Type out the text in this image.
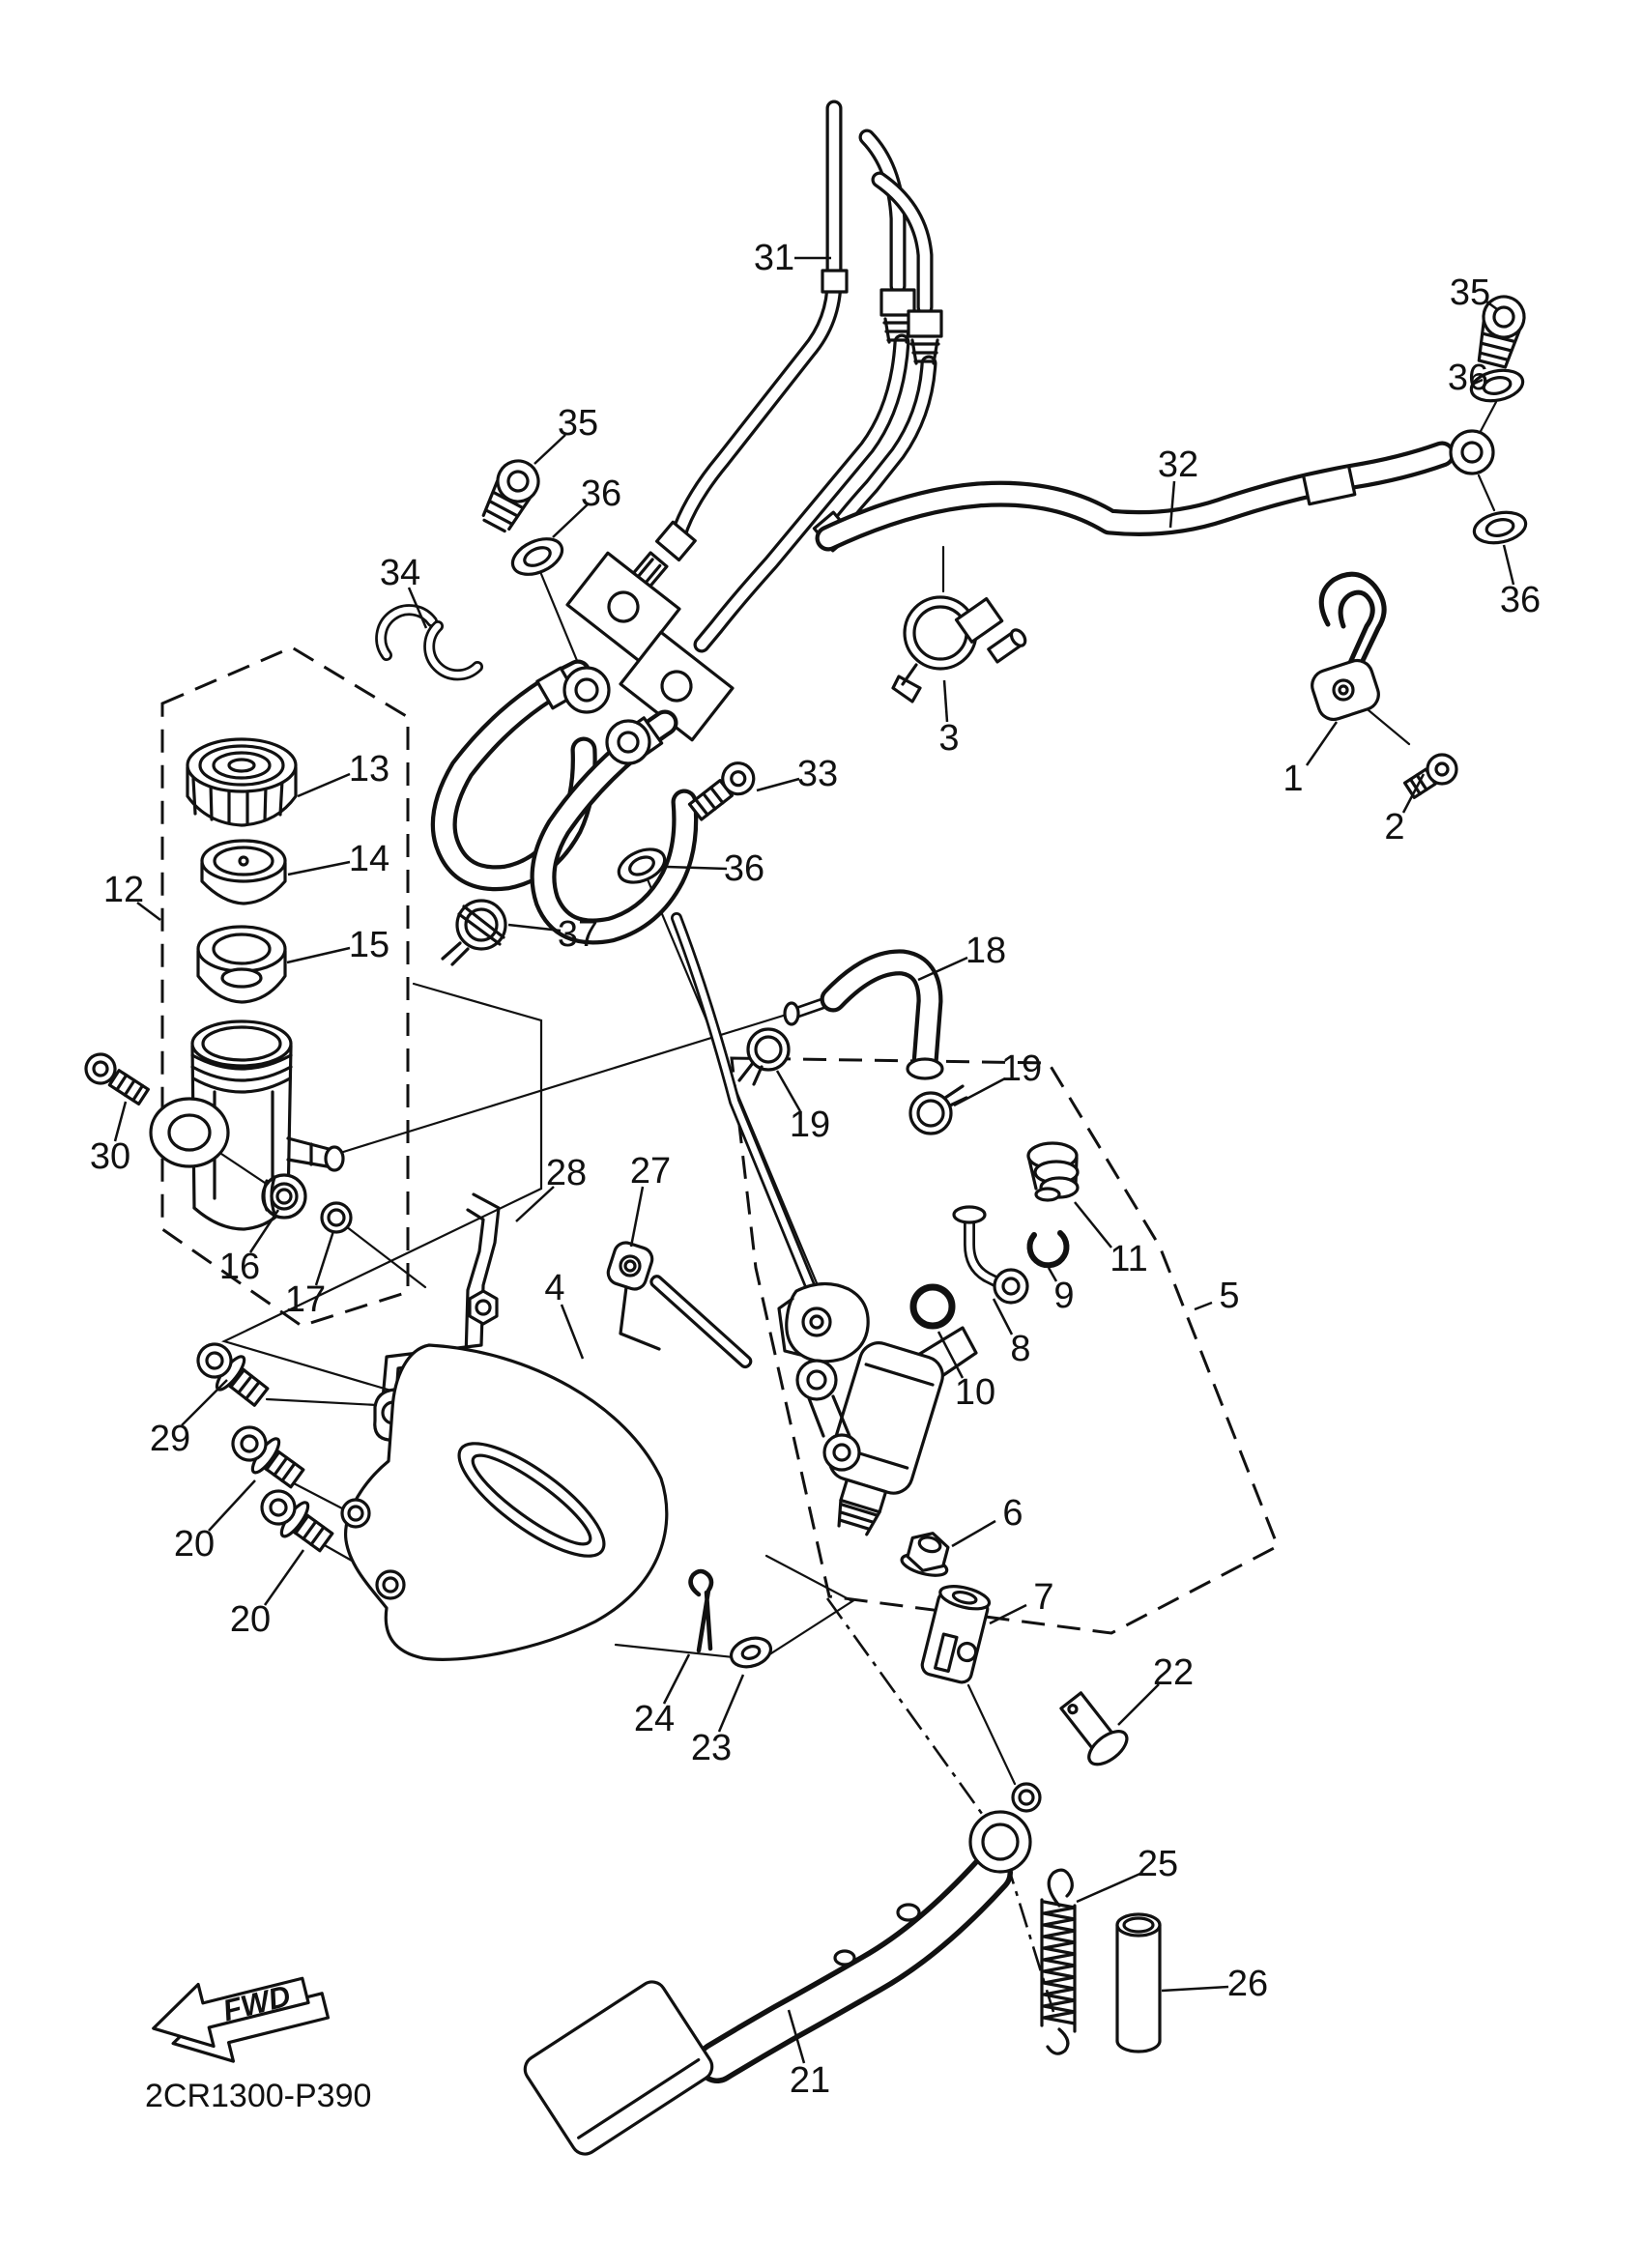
FWD
2CR1300-P390
1
2
3
4	5
6
7
8
9
10
11
12
13
14
15
16
17
18
19
19
20
20
21
22
23
24
25
26
27
28
29
30
31
32
33
34
35
35
36
36
36
36
37
